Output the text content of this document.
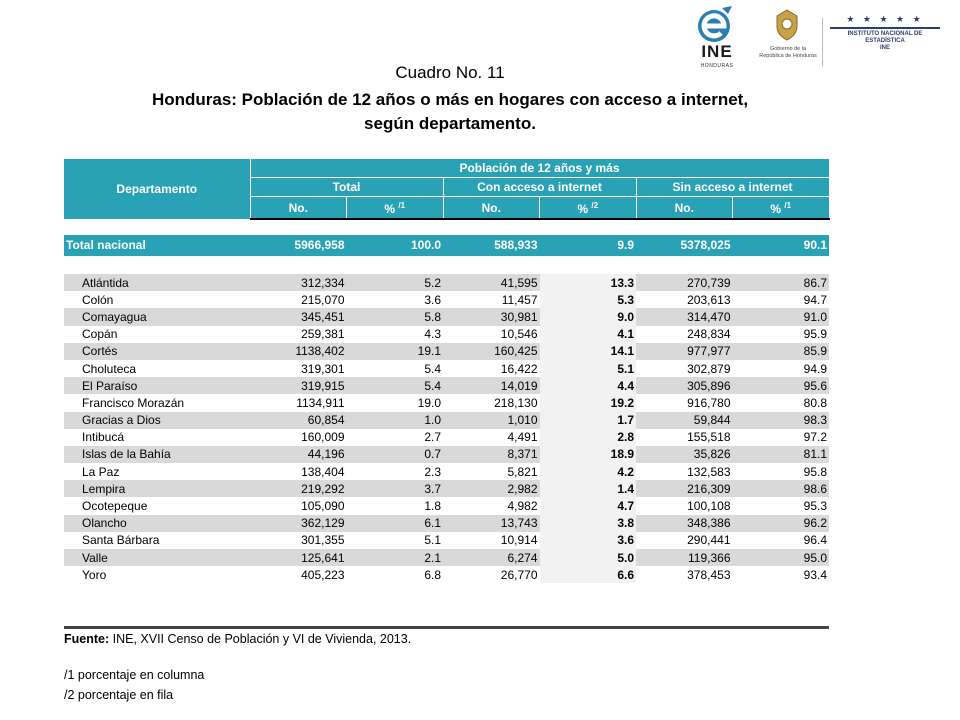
INE
HONDURAS
Gobierno de la
República de Honduras
★ ★ ★ ★ ★
INSTITUTO NACIONAL DE
ESTADÍSTICA
INE
Cuadro No. 11
Honduras: Población de 12 años o más en hogares con acceso a internet,
según departamento.
Departamento	Población de 12 años y más					
	Total		Con acceso a internet		Sin acceso a internet	
	No.	% $^{/1}$	No.	% $^{/2}$	No.	% $^{/1}$

Total nacional	5966,958	100.0	588,933	9.9	5378,025	90.1

Atlántida	312,334	5.2	41,595	13.3	270,739	86.7
Colón	215,070	3.6	11,457	5.3	203,613	94.7
Comayagua	345,451	5.8	30,981	9.0	314,470	91.0
Copán	259,381	4.3	10,546	4.1	248,834	95.9
Cortés	1138,402	19.1	160,425	14.1	977,977	85.9
Choluteca	319,301	5.4	16,422	5.1	302,879	94.9
El Paraíso	319,915	5.4	14,019	4.4	305,896	95.6
Francisco Morazán	1134,911	19.0	218,130	19.2	916,780	80.8
Gracias a Dios	60,854	1.0	1,010	1.7	59,844	98.3
Intibucá	160,009	2.7	4,491	2.8	155,518	97.2
Islas de la Bahía	44,196	0.7	8,371	18.9	35,826	81.1
La Paz	138,404	2.3	5,821	4.2	132,583	95.8
Lempira	219,292	3.7	2,982	1.4	216,309	98.6
Ocotepeque	105,090	1.8	4,982	4.7	100,108	95.3
Olancho	362,129	6.1	13,743	3.8	348,386	96.2
Santa Bárbara	301,355	5.1	10,914	3.6	290,441	96.4
Valle	125,641	2.1	6,274	5.0	119,366	95.0
Yoro	405,223	6.8	26,770	6.6	378,453	93.4
Fuente: INE, XVII Censo de Población y VI de Vivienda, 2013.
/1 porcentaje en columna
/2 porcentaje en fila
